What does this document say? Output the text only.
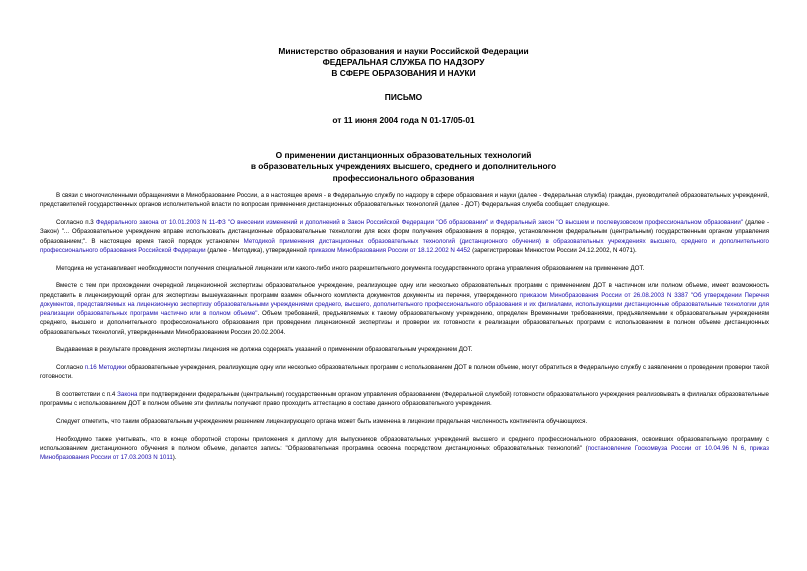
Министерство образования и науки Российской Федерации
ФЕДЕРАЛЬНАЯ СЛУЖБА ПО НАДЗОРУ
В СФЕРЕ ОБРАЗОВАНИЯ И НАУКИ
ПИСЬМО
от 11 июня 2004 года N 01-17/05-01
О применении дистанционных образовательных технологий
в образовательных учреждениях высшего, среднего и дополнительного
профессионального образования

В связи с многочисленными обращениями в Минобразование России, а в настоящее время - в Федеральную службу по надзору в сфере образования и науки (далее - Федеральная служба) граждан, руководителей образовательных учреждений, представителей государственных органов исполнительной власти по вопросам применения дистанционных образовательных технологий (далее - ДОТ) Федеральная служба сообщает следующее.

Согласно п.3 Федерального закона от 10.01.2003 N 11-ФЗ "О внесении изменений и дополнений в Закон Российской Федерации "Об образовании" и Федеральный закон "О высшем и послевузовском профессиональном образовании" (далее - Закон) "... Образовательное учреждение вправе использовать дистанционные образовательные технологии для всех форм получения образования в порядке, установленном федеральным (центральным) государственным органом управления образованием;". В настоящее время такой порядок установлен Методикой применения дистанционных образовательных технологий (дистанционного обучения) в образовательных учреждениях высшего, среднего и дополнительного профессионального образования Российской Федерации (далее - Методика), утвержденной приказом Минобразования России от 18.12.2002 N 4452 (зарегистрирован Минюстом России 24.12.2002, N 4071).

Методика не устанавливает необходимости получения специальной лицензии или какого-либо иного разрешительного документа государственного органа управления образованием на применение ДОТ.

Вместе с тем при прохождении очередной лицензионной экспертизы образовательное учреждение, реализующее одну или несколько образовательных программ с применением ДОТ в частичном или полном объеме, имеет возможность представить в лицензирующий орган для экспертизы вышеуказанных программ взамен обычного комплекта документов документы из перечня, утвержденного приказом Минобразования России от 26.08.2003 N 3387 "Об утверждении Перечня документов, представляемых на лицензионную экспертизу образовательными учреждениями среднего, высшего, дополнительного профессионального образования и их филиалами, использующими дистанционные образовательные технологии для реализации образовательных программ частично или в полном объеме". Объем требований, предъявляемых к такому образовательному учреждению, определен Временными требованиями, предъявляемыми к образовательным учреждениям среднего, высшего и дополнительного профессионального образования при проведении лицензионной экспертизы и проверки их готовности к реализации образовательных программ с использованием в полном объеме дистанционных образовательных технологий, утвержденными Минобразованием России 20.02.2004.

Выдаваемая в результате проведения экспертизы лицензия не должна содержать указаний о применении образовательным учреждением ДОТ.

Согласно п.16 Методики образовательные учреждения, реализующие одну или несколько образовательных программ с использованием ДОТ в полном объеме, могут обратиться в Федеральную службу с заявлением о проведении проверки такой готовности.

В соответствии с п.4 Закона при подтверждении федеральным (центральным) государственным органом управления образованием (Федеральной службой) готовности образовательного учреждения реализовывать в филиалах образовательные программы с использованием ДОТ в полном объеме эти филиалы получают право проходить аттестацию в составе данного образовательного учреждения.

Следует отметить, что таким образовательным учреждением решением лицензирующего органа может быть изменена в лицензии предельная численность контингента обучающихся.

Необходимо также учитывать, что в конце оборотной стороны приложения к диплому для выпускников образовательных учреждений высшего и среднего профессионального образования, освоивших образовательную программу с использованием дистанционного обучения в полном объеме, делается запись: "Образовательная программа освоена посредством дистанционных образовательных технологий" (постановление Госкомвуза России от 10.04.96 N 6, приказ Минобразования России от 17.03.2003 N 1011).
